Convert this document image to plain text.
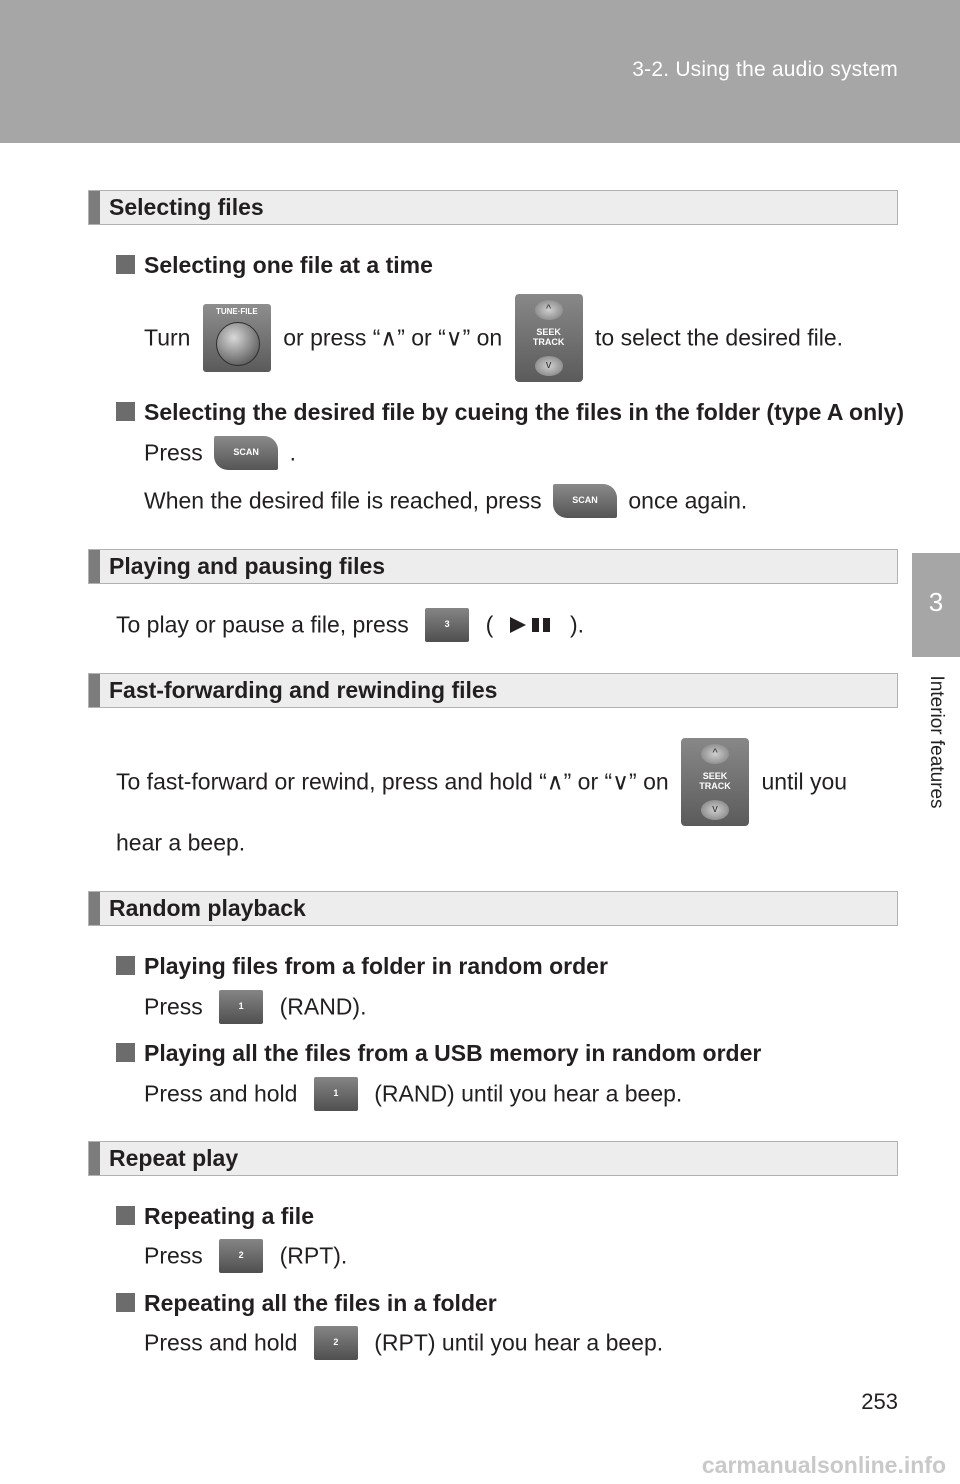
3-2. Using the audio system
3
Interior features
Selecting files
Selecting one file at a time
Turn
TUNE·FILE
or press “∧” or “∨” on
^	SEEK
TRACK
v	to select the desired file.
Selecting the desired file by cueing the files in the folder (type A only)
Press	SCAN	.
When the desired file is reached, press	SCAN	once again.
Playing and pausing files
To play or pause a file, press	3	(	).
Fast-forwarding and rewinding files
To fast-forward or rewind, press and hold “∧” or “∨” on
^	SEEK
TRACK
v	until you
hear a beep.
Random playback
Playing files from a folder in random order
Press	1	(RAND).
Playing all the files from a USB memory in random order
Press and hold	1	(RAND) until you hear a beep.
Repeat play
Repeating a file
Press	2	(RPT).
Repeating all the files in a folder
Press and hold	2	(RPT) until you hear a beep.
253
carmanualsonline.info
